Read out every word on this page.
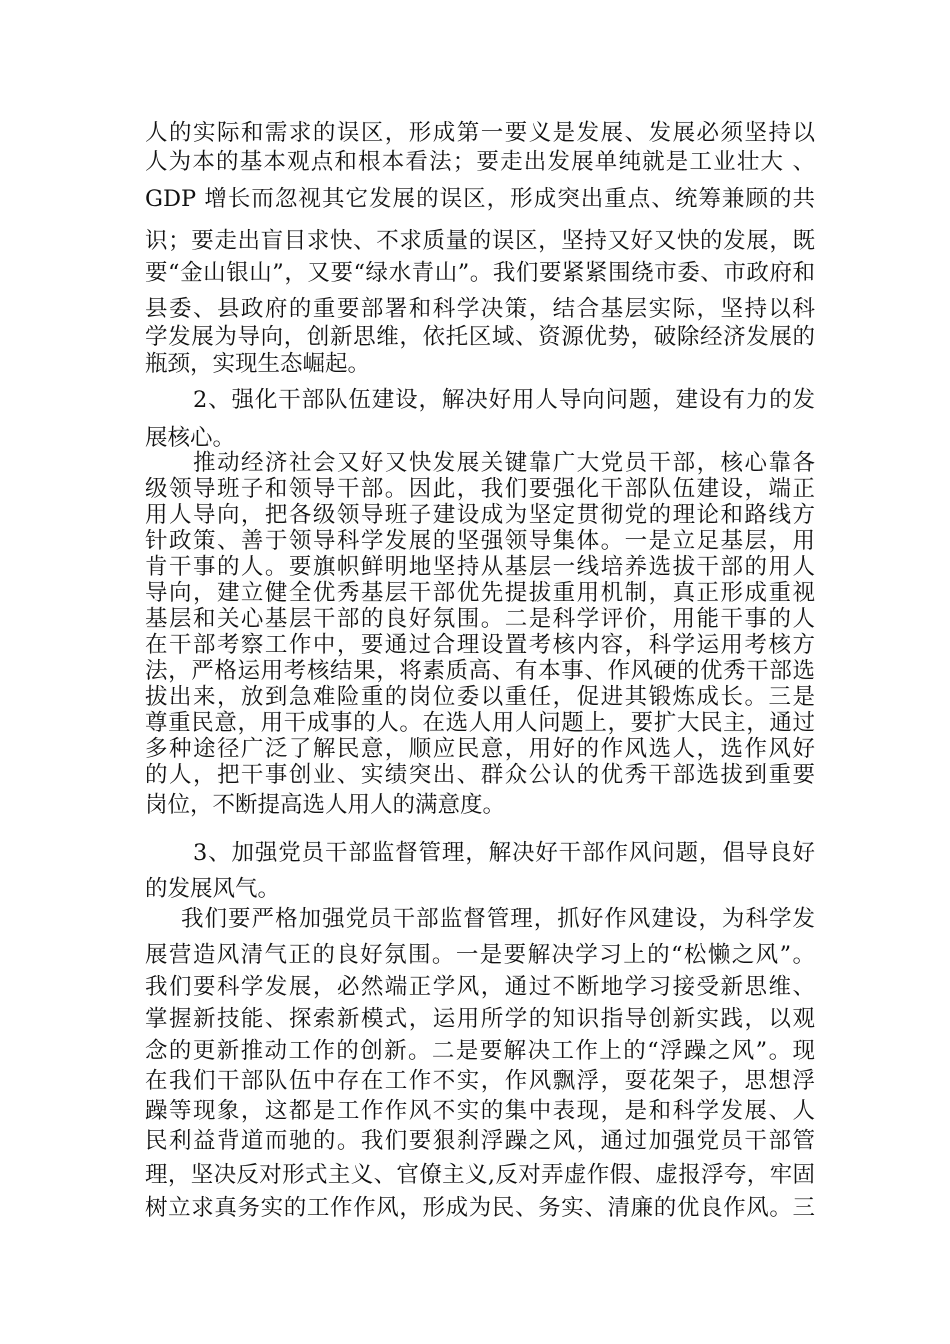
人的实际和需求的误区，形成第一要义是发展、发展必须坚持以
人为本的基本观点和根本看法；要走出发展单纯就是工业壮大 、
GDP 增长而忽视其它发展的误区，形成突出重点、统筹兼顾的共
识；要走出盲目求快、不求质量的误区，坚持又好又快的发展，既
要“金山银山”，又要“绿水青山”。我们要紧紧围绕市委、市政府和
县委、县政府的重要部署和科学决策，结合基层实际，坚持以科
学发展为导向，创新思维，依托区域、资源优势，破除经济发展的
瓶颈，实现生态崛起。
2、强化干部队伍建设，解决好用人导向问题，建设有力的发
展核心。
推动经济社会又好又快发展关键靠广大党员干部，核心靠各
级领导班子和领导干部。因此，我们要强化干部队伍建设，端正
用人导向，把各级领导班子建设成为坚定贯彻党的理论和路线方
针政策、善于领导科学发展的坚强领导集体。一是立足基层，用
肯干事的人。要旗帜鲜明地坚持从基层一线培养选拔干部的用人
导向，建立健全优秀基层干部优先提拔重用机制，真正形成重视
基层和关心基层干部的良好氛围。二是科学评价，用能干事的人
在干部考察工作中，要通过合理设置考核内容，科学运用考核方
法，严格运用考核结果，将素质高、有本事、作风硬的优秀干部选
拔出来，放到急难险重的岗位委以重任，促进其锻炼成长。三是
尊重民意，用干成事的人。在选人用人问题上，要扩大民主，通过
多种途径广泛了解民意，顺应民意，用好的作风选人，选作风好
的人，把干事创业、实绩突出、群众公认的优秀干部选拔到重要
岗位，不断提高选人用人的满意度。
3、加强党员干部监督管理，解决好干部作风问题，倡导良好
的发展风气。
我们要严格加强党员干部监督管理，抓好作风建设，为科学发
展营造风清气正的良好氛围。一是要解决学习上的“松懒之风”。
我们要科学发展，必然端正学风，通过不断地学习接受新思维、
掌握新技能、探索新模式，运用所学的知识指导创新实践，以观
念的更新推动工作的创新。二是要解决工作上的“浮躁之风”。现
在我们干部队伍中存在工作不实，作风飘浮，耍花架子，思想浮
躁等现象，这都是工作作风不实的集中表现，是和科学发展、人
民利益背道而驰的。我们要狠刹浮躁之风，通过加强党员干部管
理，坚决反对形式主义、官僚主义,反对弄虚作假、虚报浮夸，牢固
树立求真务实的工作作风，形成为民、务实、清廉的优良作风。三
